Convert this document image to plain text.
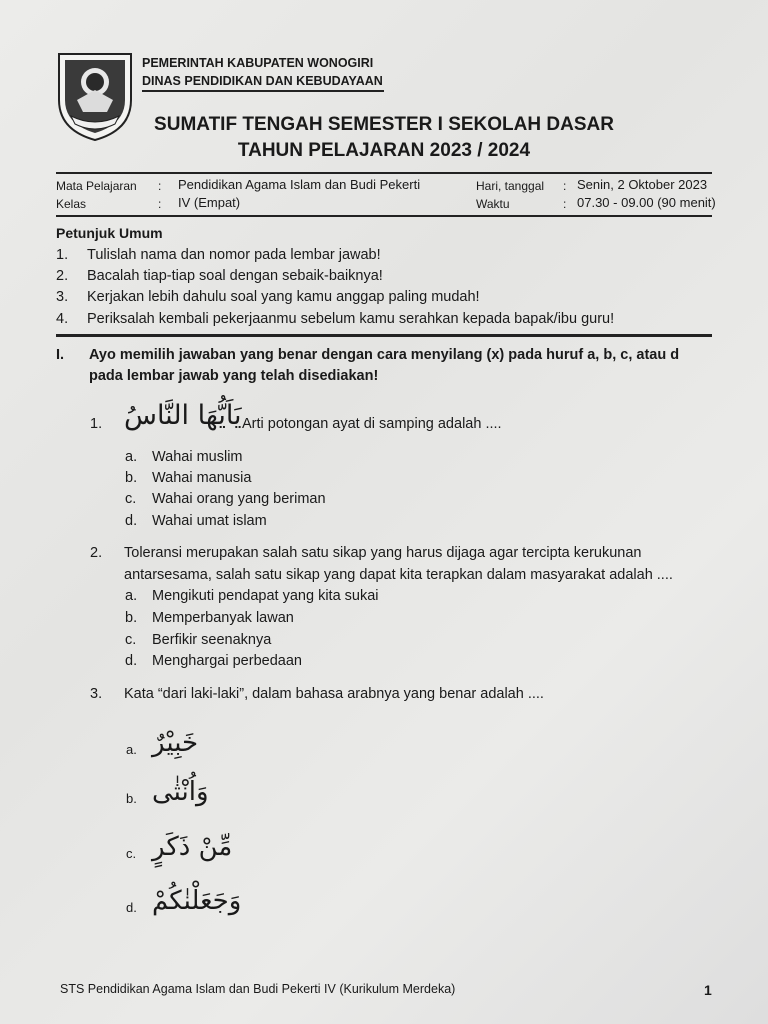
PEMERINTAH KABUPATEN WONOGIRI
DINAS PENDIDIKAN DAN KEBUDAYAAN
SUMATIF TENGAH SEMESTER I SEKOLAH DASAR
TAHUN PELAJARAN 2023 / 2024
Mata Pelajaran : Pendidikan Agama Islam dan Budi Pekerti
Kelas	: IV (Empat)
Hari, tanggal : Senin, 2 Oktober 2023
Waktu	: 07.30 - 09.00 (90 menit)
Petunjuk Umum
1. Tulislah nama dan nomor pada lembar jawab!
2. Bacalah tiap-tiap soal dengan sebaik-baiknya!
3. Kerjakan lebih dahulu soal yang kamu anggap paling mudah!
4. Periksalah kembali pekerjaanmu sebelum kamu serahkan kepada bapak/ibu guru!
I. Ayo memilih jawaban yang benar dengan cara menyilang (x) pada huruf a, b, c, atau d pada lembar jawab yang telah disediakan!
1. يَاَيُّهَا النَّاسُ Arti potongan ayat di samping adalah ....
a. Wahai muslim
b. Wahai manusia
c. Wahai orang yang beriman
d. Wahai umat islam
2. Toleransi merupakan salah satu sikap yang harus dijaga agar tercipta kerukunan
antarsesama, salah satu sikap yang dapat kita terapkan dalam masyarakat adalah ....
a. Mengikuti pendapat yang kita sukai
b. Memperbanyak lawan
c. Berfikir seenaknya
d. Menghargai perbedaan
3. Kata “dari laki-laki”, dalam bahasa arabnya yang benar adalah ....
a. خَبِيْرٌ
b. وَاُنْثٰى
c. مِّنْ ذَكَرٍ
d. وَجَعَلْنٰكُمْ
STS Pendidikan Agama Islam dan Budi Pekerti IV (Kurikulum Merdeka)	1
